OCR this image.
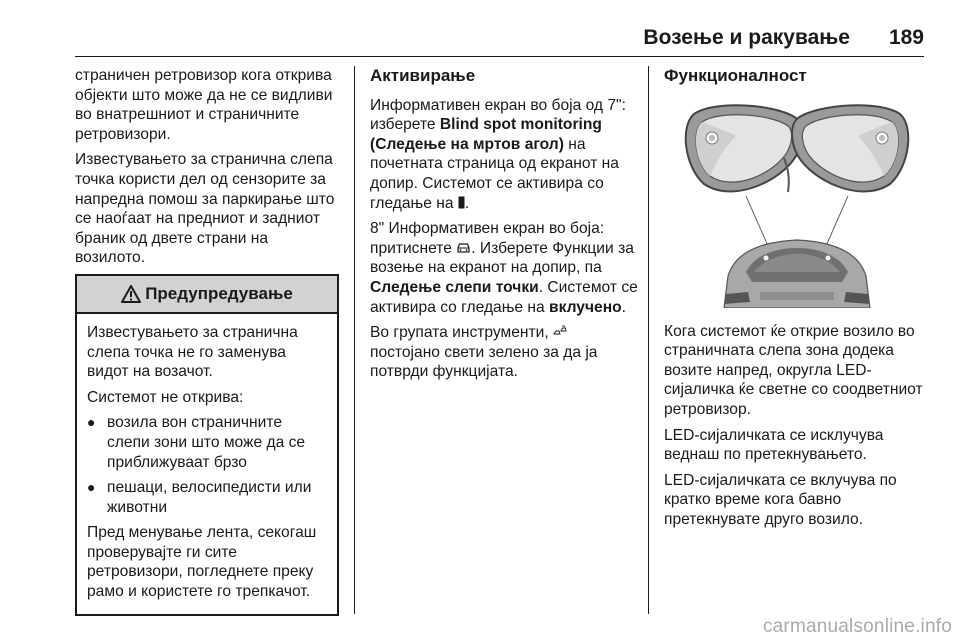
Возење и ракување 189

страничен ретровизор кога открива објекти што може да не се видливи во внатрешниот и страничните ретровизори.

Известувањето за странична слепа точка користи дел од сензорите за напредна помош за паркирање што се наоѓаат на предниот и задниот браник од двете страни на возилото.

Предупредување

Известувањето за странична слепа точка не го заменува видот на возачот.

Системот не открива:

● возила вон страничните слепи зони што може да се приближуваат брзо
● пешаци, велосипедисти или животни

Пред менување лента, секогаш проверувајте ги сите ретровизори, погледнете преку рамо и користете го трепкачот.

Активирање

Информативен екран во боја од 7": изберете Blind spot monitoring (Следење на мртов агол) на почетната страница од екранот на допир. Системот се активира со гледање на .

8" Информативен екран во боја: притиснете . Изберете Функции за возење на екранот на допир, па Следење слепи точки. Системот се активира со гледање на вклучено.

Во групата инструменти,  постојано свети зелено за да ја потврди функцијата.

Функционалност

Кога системот ќе открие возило во страничната слепа зона додека возите напред, округла LED-сијаличка ќе светне со соодветниот ретровизор.

LED-сијаличката се исклучува веднаш по претекнувањето.

LED-сијаличката се вклучува по кратко време кога бавно претекнувате друго возило.

carmanualsonline.info
